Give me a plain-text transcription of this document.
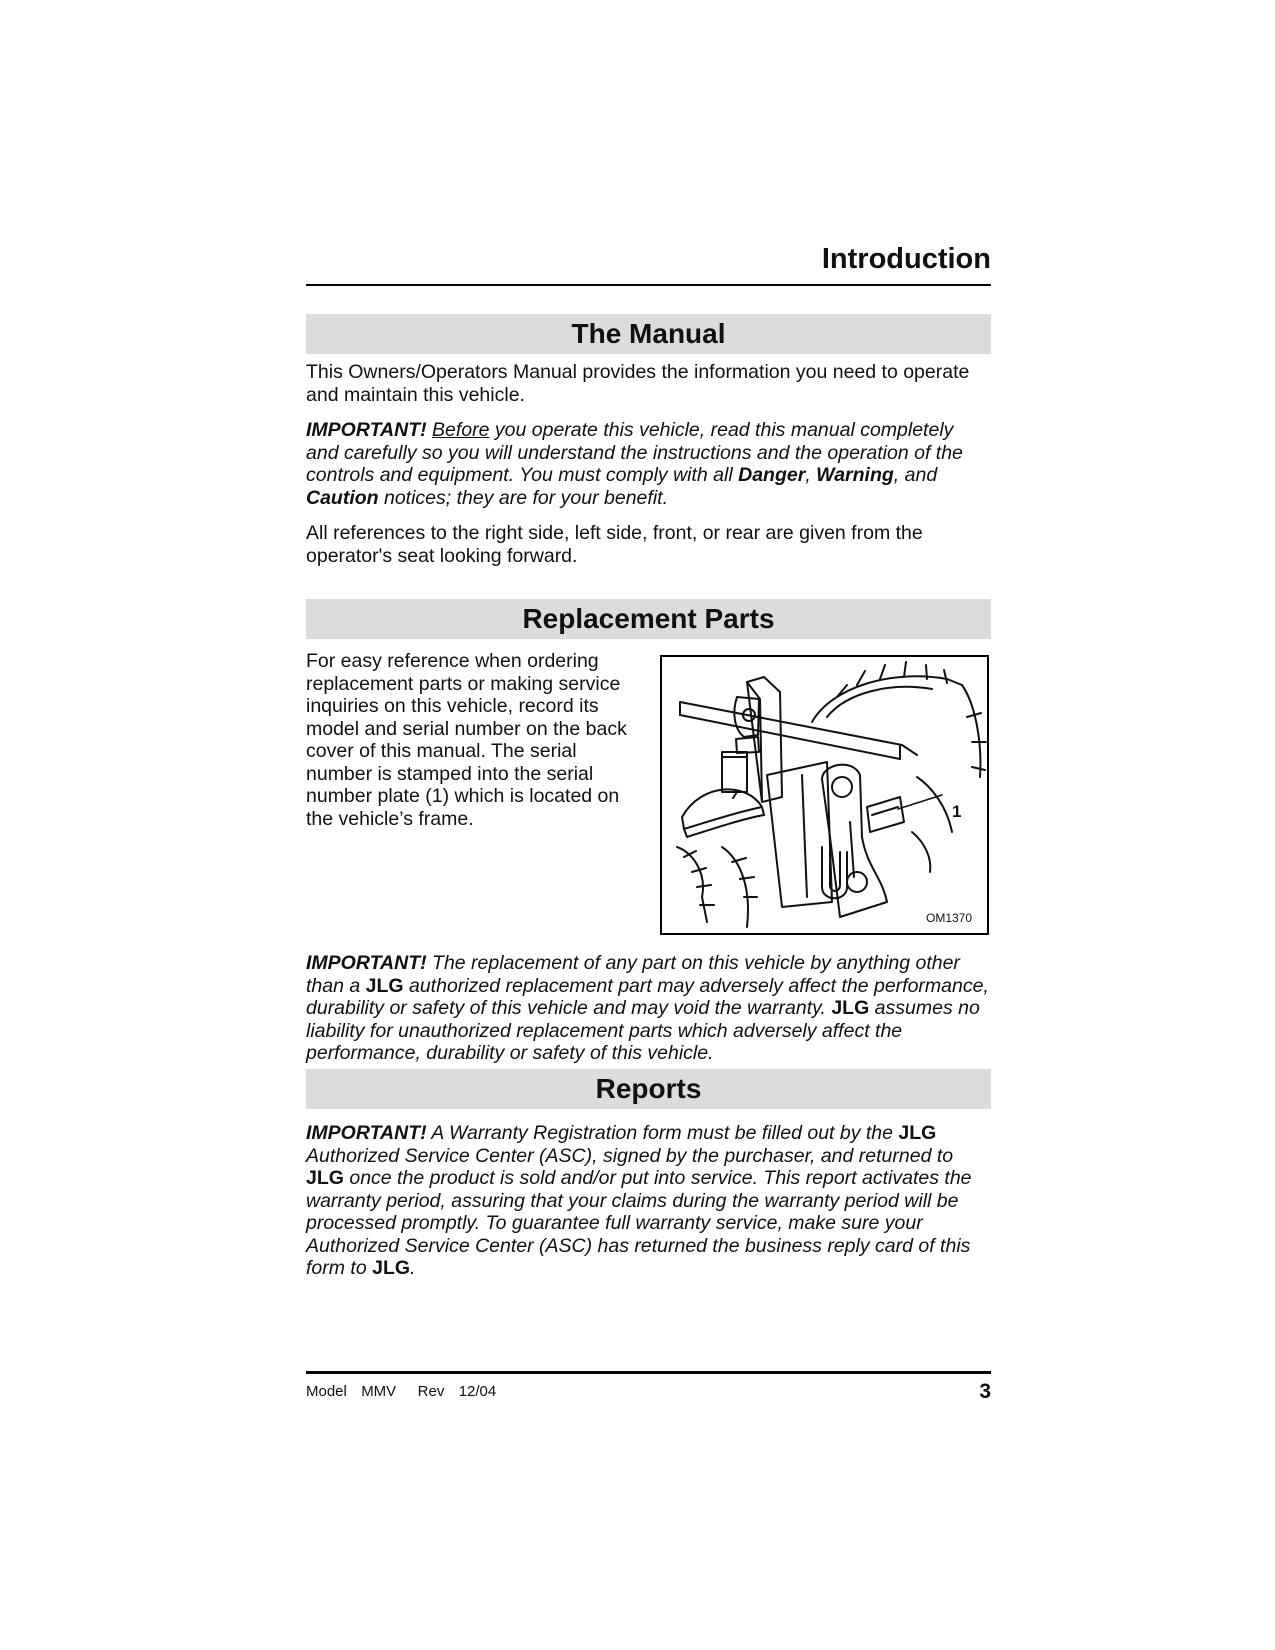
Introduction
The Manual

This Owners/Operators Manual provides the information you need to operate and maintain this vehicle.

IMPORTANT! Before you operate this vehicle, read this manual completely and carefully so you will understand the instructions and the operation of the controls and equipment. You must comply with all Danger, Warning, and Caution notices; they are for your benefit.

All references to the right side, left side, front, or rear are given from the operator's seat looking forward.

Replacement Parts

For easy reference when ordering replacement parts or making service inquiries on this vehicle, record its model and serial number on the back cover of this manual. The serial number is stamped into the serial number plate (1) which is located on the vehicle’s frame.	1
OM1370

IMPORTANT! The replacement of any part on this vehicle by anything other than a JLG authorized replacement part may adversely affect the performance, durability or safety of this vehicle and may void the warranty. JLG assumes no liability for unauthorized replacement parts which adversely affect the performance, durability or safety of this vehicle.

Reports

IMPORTANT! A Warranty Registration form must be filled out by the JLG Authorized Service Center (ASC), signed by the purchaser, and returned to JLG once the product is sold and/or put into service. This report activates the warranty period, assuring that your claims during the warranty period will be processed promptly. To guarantee full warranty service, make sure your Authorized Service Center (ASC) has returned the business reply card of this form to JLG.

Model  MMV   Rev  12/04	3
